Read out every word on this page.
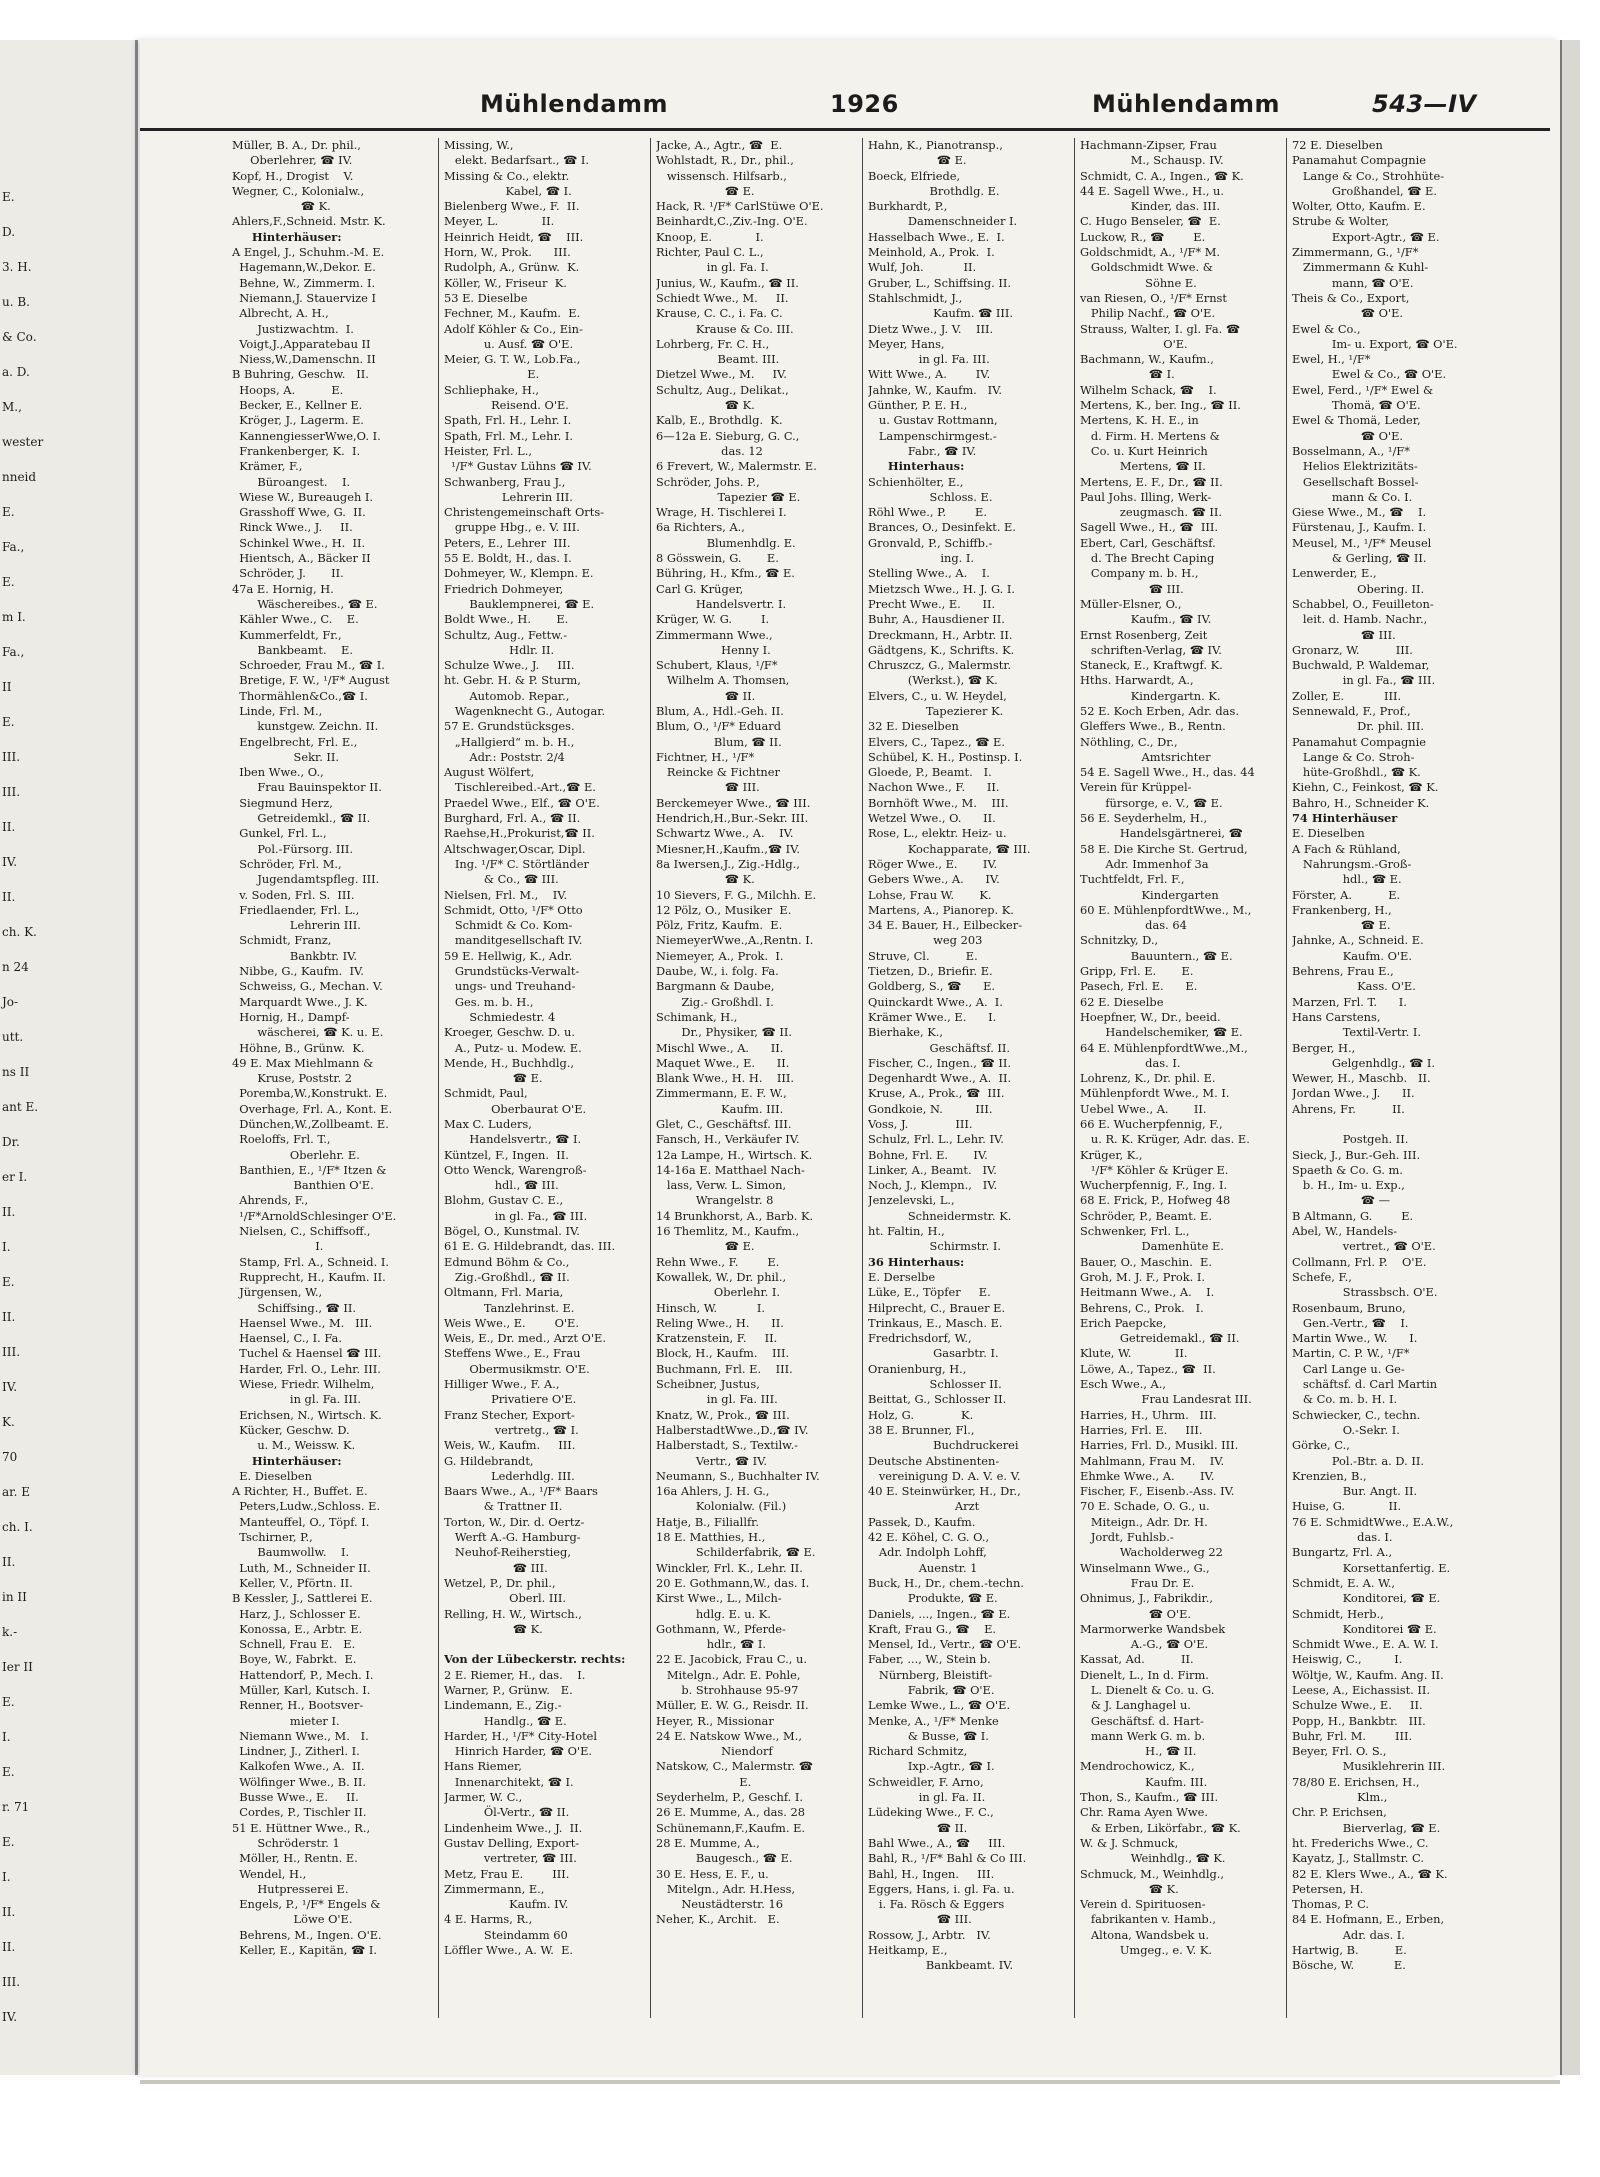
E.
D.
3. H.
u. B.
& Co.
a. D.
M.,
wester
nneid
E.
Fa.,
E.
m I.
Fa.,
II
E.
III.
III.
II.
IV.
II.
ch. K.
n 24
Jo-
utt.
ns II
ant E.
Dr.
er I.
II.
I.
E.
II.
III.
IV.
K.
70
ar. E
ch. I.
II.
in II
k.-
Ier II
E.
I.
E.
r. 71
E.
I.
II.
II.
III.
IV.
Mühlendamm	1926	Mühlendamm	543—IV
Müller, B. A., Dr. phil.,
Oberlehrer, ☎ IV.
Kopf, H., Drogist    V.
Wegner, C., Kolonialw.,
☎ K.
Ahlers,F.,Schneid. Mstr. K.
Hinterhäuser:
A Engel, J., Schuhm.-M. E.
Hagemann,W.,Dekor. E.
Behne, W., Zimmerm. I.
Niemann,J. Stauervize I
Albrecht, A. H.,
Justizwachtm.  I.
Voigt,J.,Apparatebau II
Niess,W.,Damenschn. II
B Buhring, Geschw.   II.
Hoops, A.          E.
Becker, E., Kellner E.
Kröger, J., Lagerm. E.
KannengiesserWwe,O. I.
Frankenberger, K.  I.
Krämer, F.,
Büroangest.    I.
Wiese W., Bureaugeh I.
Grasshoff Wwe, G.  II.
Rinck Wwe., J.     II.
Schinkel Wwe., H.  II.
Hientsch, A., Bäcker II
Schröder, J.       II.
47a E. Hornig, H.
Wäschereibes., ☎ E.
Kähler Wwe., C.    E.
Kummerfeldt, Fr.,
Bankbeamt.    E.
Schroeder, Frau M., ☎ I.
Bretige, F. W., ¹/F* August
Thormählen&Co.,☎ I.
Linde, Frl. M.,
kunstgew. Zeichn. II.
Engelbrecht, Frl. E.,
Sekr. II.
Iben Wwe., O.,
Frau Bauinspektor II.
Siegmund Herz,
Getreidemkl., ☎ II.
Gunkel, Frl. L.,
Pol.-Fürsorg. III.
Schröder, Frl. M.,
Jugendamtspfleg. III.
v. Soden, Frl. S.  III.
Friedlaender, Frl. L.,
Lehrerin III.
Schmidt, Franz,
Bankbtr. IV.
Nibbe, G., Kaufm.  IV.
Schweiss, G., Mechan. V.
Marquardt Wwe., J. K.
Hornig, H., Dampf-
wäscherei, ☎ K. u. E.
Höhne, B., Grünw.  K.
49 E. Max Miehlmann &
Kruse, Poststr. 2
Poremba,W.,Konstrukt. E.
Overhage, Frl. A., Kont. E.
Dünchen,W.,Zollbeamt. E.
Roeloffs, Frl. T.,
Oberlehr. E.
Banthien, E., ¹/F* Itzen &
Banthien O'E.
Ahrends, F.,
¹/F*ArnoldSchlesinger O'E.
Nielsen, C., Schiffsoff.,
I.
Stamp, Frl. A., Schneid. I.
Rupprecht, H., Kaufm. II.
Jürgensen, W.,
Schiffsing., ☎ II.
Haensel Wwe., M.   III.
Haensel, C., I. Fa.
Tuchel & Haensel ☎ III.
Harder, Frl. O., Lehr. III.
Wiese, Friedr. Wilhelm,
in gl. Fa. III.
Erichsen, N., Wirtsch. K.
Kücker, Geschw. D.
u. M., Weissw. K.
Hinterhäuser:
E. Dieselben
A Richter, H., Buffet. E.
Peters,Ludw.,Schloss. E.
Manteuffel, O., Töpf. I.
Tschirner, P.,
Baumwollw.    I.
Luth, M., Schneider II.
Keller, V., Pförtn. II.
B Kessler, J., Sattlerei E.
Harz, J., Schlosser E.
Konossa, E., Arbtr. E.
Schnell, Frau E.   E.
Boye, W., Fabrkt.  E.
Hattendorf, P., Mech. I.
Müller, Karl, Kutsch. I.
Renner, H., Bootsver-
mieter I.
Niemann Wwe., M.   I.
Lindner, J., Zitherl. I.
Kalkofen Wwe., A.  II.
Wölfinger Wwe., B. II.
Busse Wwe., E.     II.
Cordes, P., Tischler II.
51 E. Hüttner Wwe., R.,
Schröderstr. 1
Möller, H., Rentn. E.
Wendel, H.,
Hutpresserei E.
Engels, P., ¹/F* Engels &
Löwe O'E.
Behrens, M., Ingen. O'E.
Keller, E., Kapitän, ☎ I.
Missing, W.,
elekt. Bedarfsart., ☎ I.
Missing & Co., elektr.
Kabel, ☎ I.
Bielenberg Wwe., F.  II.
Meyer, L.            II.
Heinrich Heidt, ☎    III.
Horn, W., Prok.      III.
Rudolph, A., Grünw.  K.
Köller, W., Friseur  K.
53 E. Dieselbe
Fechner, M., Kaufm.  E.
Adolf Köhler & Co., Ein-
u. Ausf. ☎ O'E.
Meier, G. T. W., Lob.Fa.,
E.
Schliephake, H.,
Reisend. O'E.
Spath, Frl. H., Lehr. I.
Spath, Frl. M., Lehr. I.
Heister, Frl. L.,
¹/F* Gustav Lühns ☎ IV.
Schwanberg, Frau J.,
Lehrerin III.
Christengemeinschaft Orts-
gruppe Hbg., e. V. III.
Peters, E., Lehrer  III.
55 E. Boldt, H., das. I.
Dohmeyer, W., Klempn. E.
Friedrich Dohmeyer,
Bauklempnerei, ☎ E.
Boldt Wwe., H.       E.
Schultz, Aug., Fettw.-
Hdlr. II.
Schulze Wwe., J.     III.
ht. Gebr. H. & P. Sturm,
Automob. Repar.,
Wagenknecht G., Autogar.
57 E. Grundstücksges.
„Hallgierd“ m. b. H.,
Adr.: Poststr. 2/4
August Wölfert,
Tischlereibed.-Art.,☎ E.
Praedel Wwe., Elf., ☎ O'E.
Burghard, Frl. A., ☎ II.
Raehse,H.,Prokurist,☎ II.
Altschwager,Oscar, Dipl.
Ing. ¹/F* C. Störtländer
& Co., ☎ III.
Nielsen, Frl. M.,    IV.
Schmidt, Otto, ¹/F* Otto
Schmidt & Co. Kom-
manditgesellschaft IV.
59 E. Hellwig, K., Adr.
Grundstücks-Verwalt-
ungs- und Treuhand-
Ges. m. b. H.,
Schmiedestr. 4
Kroeger, Geschw. D. u.
A., Putz- u. Modew. E.
Mende, H., Buchhdlg.,
☎ E.
Schmidt, Paul,
Oberbaurat O'E.
Max C. Luders,
Handelsvertr., ☎ I.
Küntzel, F., Ingen.  II.
Otto Wenck, Warengroß-
hdl., ☎ III.
Blohm, Gustav C. E.,
in gl. Fa., ☎ III.
Bögel, O., Kunstmal. IV.
61 E. G. Hildebrandt, das. III.
Edmund Böhm & Co.,
Zig.-Großhdl., ☎ II.
Oltmann, Frl. Maria,
Tanzlehrinst. E.
Weis Wwe., E.        O'E.
Weis, E., Dr. med., Arzt O'E.
Steffens Wwe., E., Frau
Obermusikmstr. O'E.
Hilliger Wwe., F. A.,
Privatiere O'E.
Franz Stecher, Export-
vertretg., ☎ I.
Weis, W., Kaufm.     III.
G. Hildebrandt,
Lederhdlg. III.
Baars Wwe., A., ¹/F* Baars
& Trattner II.
Torton, W., Dir. d. Oertz-
Werft A.-G. Hamburg-
Neuhof-Reiherstieg,
☎ III.
Wetzel, P., Dr. phil.,
Oberl. III.
Relling, H. W., Wirtsch.,
☎ K.

Von der Lübeckerstr. rechts:
2 E. Riemer, H., das.    I.
Warner, P., Grünw.   E.
Lindemann, E., Zig.-
Handlg., ☎ E.
Harder, H., ¹/F* City-Hotel
Hinrich Harder, ☎ O'E.
Hans Riemer,
Innenarchitekt, ☎ I.
Jarmer, W. C.,
Öl-Vertr., ☎ II.
Lindenheim Wwe., J.  II.
Gustav Delling, Export-
vertreter, ☎ III.
Metz, Frau E.        III.
Zimmermann, E.,
Kaufm. IV.
4 E. Harms, R.,
Steindamm 60
Löffler Wwe., A. W.  E.
Jacke, A., Agtr., ☎  E.
Wohlstadt, R., Dr., phil.,
wissensch. Hilfsarb.,
☎ E.
Hack, R. ¹/F* CarlStüwe O'E.
Beinhardt,C.,Ziv.-Ing. O'E.
Knoop, E.            I.
Richter, Paul C. L.,
in gl. Fa. I.
Junius, W., Kaufm., ☎ II.
Schiedt Wwe., M.     II.
Krause, C. C., i. Fa. C.
Krause & Co. III.
Lohrberg, Fr. C. H.,
Beamt. III.
Dietzel Wwe., M.     IV.
Schultz, Aug., Delikat.,
☎ K.
Kalb, E., Brothdlg.  K.
6—12a E. Sieburg, G. C.,
das. 12
6 Frevert, W., Malermstr. E.
Schröder, Johs. P.,
Tapezier ☎ E.
Wrage, H. Tischlerei I.
6a Richters, A.,
Blumenhdlg. E.
8 Gösswein, G.       E.
Bühring, H., Kfm., ☎ E.
Carl G. Krüger,
Handelsvertr. I.
Krüger, W. G.        I.
Zimmermann Wwe.,
Henny I.
Schubert, Klaus, ¹/F*
Wilhelm A. Thomsen,
☎ II.
Blum, A., Hdl.-Geh. II.
Blum, O., ¹/F* Eduard
Blum, ☎ II.
Fichtner, H., ¹/F*
Reincke & Fichtner
☎ III.
Berckemeyer Wwe., ☎ III.
Hendrich,H.,Bur.-Sekr. III.
Schwartz Wwe., A.    IV.
Miesner,H.,Kaufm.,☎ IV.
8a Iwersen,J., Zig.-Hdlg.,
☎ K.
10 Sievers, F. G., Milchh. E.
12 Pölz, O., Musiker  E.
Pölz, Fritz, Kaufm.  E.
NiemeyerWwe.,A.,Rentn. I.
Niemeyer, A., Prok.  I.
Daube, W., i. folg. Fa.
Bargmann & Daube,
Zig.- Großhdl. I.
Schimank, H.,
Dr., Physiker, ☎ II.
Mischl Wwe., A.      II.
Maquet Wwe., E.      II.
Blank Wwe., H. H.    III.
Zimmermann, E. F. W.,
Kaufm. III.
Glet, C., Geschäftsf. III.
Fansch, H., Verkäufer IV.
12a Lampe, H., Wirtsch. K.
14-16a E. Matthael Nach-
lass, Verw. L. Simon,
Wrangelstr. 8
14 Brunkhorst, A., Barb. K.
16 Themlitz, M., Kaufm.,
☎ E.
Rehn Wwe., F.        E.
Kowallek, W., Dr. phil.,
Oberlehr. I.
Hinsch, W.           I.
Reling Wwe., H.      II.
Kratzenstein, F.     II.
Block, H., Kaufm.    III.
Buchmann, Frl. E.    III.
Scheibner, Justus,
in gl. Fa. III.
Knatz, W., Prok., ☎ III.
HalberstadtWwe.,D.,☎ IV.
Halberstadt, S., Textilw.-
Vertr., ☎ IV.
Neumann, S., Buchhalter IV.
16a Ahlers, J. H. G.,
Kolonialw. (Fil.)
Hatje, B., Filiallfr.
18 E. Matthies, H.,
Schilderfabrik, ☎ E.
Winckler, Frl. K., Lehr. II.
20 E. Gothmann,W., das. I.
Kirst Wwe., L., Milch-
hdlg. E. u. K.
Gothmann, W., Pferde-
hdlr., ☎ I.
22 E. Jacobick, Frau C., u.
Mitelgn., Adr. E. Pohle,
b. Strohhause 95-97
Müller, E. W. G., Reisdr. II.
Heyer, R., Missionar
24 E. Natskow Wwe., M.,
Niendorf
Natskow, C., Malermstr. ☎
E.
Seyderhelm, P., Geschf. I.
26 E. Mumme, A., das. 28
Schünemann,F.,Kaufm. E.
28 E. Mumme, A.,
Baugesch., ☎ E.
30 E. Hess, E. F., u.
Mitelgn., Adr. H.Hess,
Neustädterstr. 16
Neher, K., Archit.   E.
Hahn, K., Pianotransp.,
☎ E.
Boeck, Elfriede,
Brothdlg. E.
Burkhardt, P.,
Damenschneider I.
Hasselbach Wwe., E.  I.
Meinhold, A., Prok.  I.
Wulf, Joh.           II.
Gruber, L., Schiffsing. II.
Stahlschmidt, J.,
Kaufm. ☎ III.
Dietz Wwe., J. V.    III.
Meyer, Hans,
in gl. Fa. III.
Witt Wwe., A.        IV.
Jahnke, W., Kaufm.   IV.
Günther, P. E. H.,
u. Gustav Rottmann,
Lampenschirmgest.-
Fabr., ☎ IV.
Hinterhaus:
Schienhölter, E.,
Schloss. E.
Röhl Wwe., P.        E.
Brances, O., Desinfekt. E.
Gronvald, P., Schiffb.-
ing. I.
Stelling Wwe., A.    I.
Mietzsch Wwe., H. J. G. I.
Precht Wwe., E.      II.
Buhr, A., Hausdiener II.
Dreckmann, H., Arbtr. II.
Gädtgens, K., Schrifts. K.
Chruszcz, G., Malermstr.
(Werkst.), ☎ K.
Elvers, C., u. W. Heydel,
Tapezierer K.
32 E. Dieselben
Elvers, C., Tapez., ☎ E.
Schübel, K. H., Postinsp. I.
Gloede, P., Beamt.   I.
Nachon Wwe., F.      II.
Bornhöft Wwe., M.    III.
Wetzel Wwe., O.      II.
Rose, L., elektr. Heiz- u.
Kochapparate, ☎ III.
Röger Wwe., E.       IV.
Gebers Wwe., A.      IV.
Lohse, Frau W.       K.
Martens, A., Pianorep. K.
34 E. Bauer, H., Eilbecker-
weg 203
Struve, Cl.          E.
Tietzen, D., Briefir. E.
Goldberg, S., ☎      E.
Quinckardt Wwe., A.  I.
Krämer Wwe., E.      I.
Bierhake, K.,
Geschäftsf. II.
Fischer, C., Ingen., ☎ II.
Degenhardt Wwe., A.  II.
Kruse, A., Prok., ☎  III.
Gondkoie, N.         III.
Voss, J.             III.
Schulz, Frl. L., Lehr. IV.
Bohne, Frl. E.       IV.
Linker, A., Beamt.   IV.
Noch, J., Klempn.,   IV.
Jenzelevski, L.,
Schneidermstr. K.
ht. Faltin, H.,
Schirmstr. I.
36 Hinterhaus:
E. Derselbe
Lüke, E., Töpfer     E.
Hilprecht, C., Brauer E.
Trinkaus, E., Masch. E.
Fredrichsdorf, W.,
Gasarbtr. I.
Oranienburg, H.,
Schlosser II.
Beittat, G., Schlosser II.
Holz, G.             K.
38 E. Brunner, Fl.,
Buchdruckerei
Deutsche Abstinenten-
vereinigung D. A. V. e. V.
40 E. Steinwürker, H., Dr.,
Arzt
Passek, D., Kaufm.
42 E. Köhel, C. G. O.,
Adr. Indolph Lohff,
Auenstr. 1
Buck, H., Dr., chem.-techn.
Produkte, ☎ E.
Daniels, ..., Ingen., ☎ E.
Kraft, Frau G., ☎    E.
Mensel, Id., Vertr., ☎ O'E.
Faber, ..., W., Stein b.
Nürnberg, Bleistift-
Fabrik, ☎ O'E.
Lemke Wwe., L., ☎ O'E.
Menke, A., ¹/F* Menke
& Busse, ☎ I.
Richard Schmitz,
Ixp.-Agtr., ☎ I.
Schweidler, F. Arno,
in gl. Fa. II.
Lüdeking Wwe., F. C.,
☎ II.
Bahl Wwe., A., ☎     III.
Bahl, R., ¹/F* Bahl & Co III.
Bahl, H., Ingen.     III.
Eggers, Hans, i. gl. Fa. u.
i. Fa. Rösch & Eggers
☎ III.
Rossow, J., Arbtr.   IV.
Heitkamp, E.,
Bankbeamt. IV.
Hachmann-Zipser, Frau
M., Schausp. IV.
Schmidt, C. A., Ingen., ☎ K.
44 E. Sagell Wwe., H., u.
Kinder, das. III.
C. Hugo Benseler, ☎  E.
Luckow, R., ☎        E.
Goldschmidt, A., ¹/F* M.
Goldschmidt Wwe. &
Söhne E.
van Riesen, O., ¹/F* Ernst
Philip Nachf., ☎ O'E.
Strauss, Walter, I. gl. Fa. ☎
O'E.
Bachmann, W., Kaufm.,
☎ I.
Wilhelm Schack, ☎    I.
Mertens, K., ber. Ing., ☎ II.
Mertens, K. H. E., in
d. Firm. H. Mertens &
Co. u. Kurt Heinrich
Mertens, ☎ II.
Mertens, E. F., Dr., ☎ II.
Paul Johs. Illing, Werk-
zeugmasch. ☎ II.
Sagell Wwe., H., ☎  III.
Ebert, Carl, Geschäftsf.
d. The Brecht Caping
Company m. b. H.,
☎ III.
Müller-Elsner, O.,
Kaufm., ☎ IV.
Ernst Rosenberg, Zeit
schriften-Verlag, ☎ IV.
Staneck, E., Kraftwgf. K.
Hths. Harwardt, A.,
Kindergartn. K.
52 E. Koch Erben, Adr. das.
Gleffers Wwe., B., Rentn.
Nöthling, C., Dr.,
Amtsrichter
54 E. Sagell Wwe., H., das. 44
Verein für Krüppel-
fürsorge, e. V., ☎ E.
56 E. Seyderhelm, H.,
Handelsgärtnerei, ☎
58 E. Die Kirche St. Gertrud,
Adr. Immenhof 3a
Tuchtfeldt, Frl. F.,
Kindergarten
60 E. MühlenpfordtWwe., M.,
das. 64
Schnitzky, D.,
Bauuntern., ☎ E.
Gripp, Frl. E.       E.
Pasech, Frl. E.      E.
62 E. Dieselbe
Hoepfner, W., Dr., beeid.
Handelschemiker, ☎ E.
64 E. MühlenpfordtWwe.,M.,
das. I.
Lohrenz, K., Dr. phil. E.
Mühlenpfordt Wwe., M. I.
Uebel Wwe., A.       II.
66 E. Wucherpfennig, F.,
u. R. K. Krüger, Adr. das. E.
Krüger, K.,
¹/F* Köhler & Krüger E.
Wucherpfennig, F., Ing. I.
68 E. Frick, P., Hofweg 48
Schröder, P., Beamt. E.
Schwenker, Frl. L.,
Damenhüte E.
Bauer, O., Maschin.  E.
Groh, M. J. F., Prok. I.
Heitmann Wwe., A.    I.
Behrens, C., Prok.   I.
Erich Paepcke,
Getreidemakl., ☎ II.
Klute, W.            II.
Löwe, A., Tapez., ☎  II.
Esch Wwe., A.,
Frau Landesrat III.
Harries, H., Uhrm.   III.
Harries, Frl. E.     III.
Harries, Frl. D., Musikl. III.
Mahlmann, Frau M.    IV.
Ehmke Wwe., A.       IV.
Fischer, F., Eisenb.-Ass. IV.
70 E. Schade, O. G., u.
Miteign., Adr. Dr. H.
Jordt, Fuhlsb.-
Wacholderweg 22
Winselmann Wwe., G.,
Frau Dr. E.
Ohnimus, J., Fabrikdir.,
☎ O'E.
Marmorwerke Wandsbek
A.-G., ☎ O'E.
Kassat, Ad.          II.
Dienelt, L., In d. Firm.
L. Dienelt & Co. u. G.
& J. Langhagel u.
Geschäftsf. d. Hart-
mann Werk G. m. b.
H., ☎ II.
Mendrochowicz, K.,
Kaufm. III.
Thon, S., Kaufm., ☎ III.
Chr. Rama Ayen Wwe.
& Erben, Likörfabr., ☎ K.
W. & J. Schmuck,
Weinhdlg., ☎ K.
Schmuck, M., Weinhdlg.,
☎ K.
Verein d. Spirituosen-
fabrikanten v. Hamb.,
Altona, Wandsbek u.
Umgeg., e. V. K.
72 E. Dieselben
Panamahut Compagnie
Lange & Co., Strohhüte-
Großhandel, ☎ E.
Wolter, Otto, Kaufm. E.
Strube & Wolter,
Export-Agtr., ☎ E.
Zimmermann, G., ¹/F*
Zimmermann & Kuhl-
mann, ☎ O'E.
Theis & Co., Export,
☎ O'E.
Ewel & Co.,
Im- u. Export, ☎ O'E.
Ewel, H., ¹/F*
Ewel & Co., ☎ O'E.
Ewel, Ferd., ¹/F* Ewel &
Thomä, ☎ O'E.
Ewel & Thomä, Leder,
☎ O'E.
Bosselmann, A., ¹/F*
Helios Elektrizitäts-
Gesellschaft Bossel-
mann & Co. I.
Giese Wwe., M., ☎    I.
Fürstenau, J., Kaufm. I.
Meusel, M., ¹/F* Meusel
& Gerling, ☎ II.
Lenwerder, E.,
Obering. II.
Schabbel, O., Feuilleton-
leit. d. Hamb. Nachr.,
☎ III.
Gronarz, W.          III.
Buchwald, P. Waldemar,
in gl. Fa., ☎ III.
Zoller, E.           III.
Sennewald, F., Prof.,
Dr. phil. III.
Panamahut Compagnie
Lange & Co. Stroh-
hüte-Großhdl., ☎ K.
Kiehn, C., Feinkost, ☎ K.
Bahro, H., Schneider K.
74 Hinterhäuser
E. Dieselben
A Fach & Rühland,
Nahrungsm.-Groß-
hdl., ☎ E.
Förster, A.          E.
Frankenberg, H.,
☎ E.
Jahnke, A., Schneid. E.
Kaufm. O'E.
Behrens, Frau E.,
Kass. O'E.
Marzen, Frl. T.      I.
Hans Carstens,
Textil-Vertr. I.
Berger, H.,
Gelgenhdlg., ☎ I.
Wewer, H., Maschb.   II.
Jordan Wwe., J.      II.
Ahrens, Fr.          II.

Postgeh. II.
Sieck, J., Bur.-Geh. III.
Spaeth & Co. G. m.
b. H., Im- u. Exp.,
☎ —
B Altmann, G.        E.
Abel, W., Handels-
vertret., ☎ O'E.
Collmann, Frl. P.    O'E.
Schefe, F.,
Strassbsch. O'E.
Rosenbaum, Bruno,
Gen.-Vertr., ☎    I.
Martin Wwe., W.      I.
Martin, C. P. W., ¹/F*
Carl Lange u. Ge-
schäftsf. d. Carl Martin
& Co. m. b. H. I.
Schwiecker, C., techn.
O.-Sekr. I.
Görke, C.,
Pol.-Btr. a. D. II.
Krenzien, B.,
Bur. Angt. II.
Huise, G.            II.
76 E. SchmidtWwe., E.A.W.,
das. I.
Bungartz, Frl. A.,
Korsettanfertig. E.
Schmidt, E. A. W.,
Konditorei, ☎ E.
Schmidt, Herb.,
Konditorei ☎ E.
Schmidt Wwe., E. A. W. I.
Heiswig, C.,         I.
Wöltje, W., Kaufm. Ang. II.
Leese, A., Eichassist. II.
Schulze Wwe., E.     II.
Popp, H., Bankbtr.   III.
Buhr, Frl. M.        III.
Beyer, Frl. O. S.,
Musiklehrerin III.
78/80 E. Erichsen, H.,
Klm.,
Chr. P. Erichsen,
Bierverlag, ☎ E.
ht. Frederichs Wwe., C.
Kayatz, J., Stallmstr. C.
82 E. Klers Wwe., A., ☎ K.
Petersen, H.
Thomas, P. C.
84 E. Hofmann, E., Erben,
Adr. das. I.
Hartwig, B.          E.
Bösche, W.           E.
